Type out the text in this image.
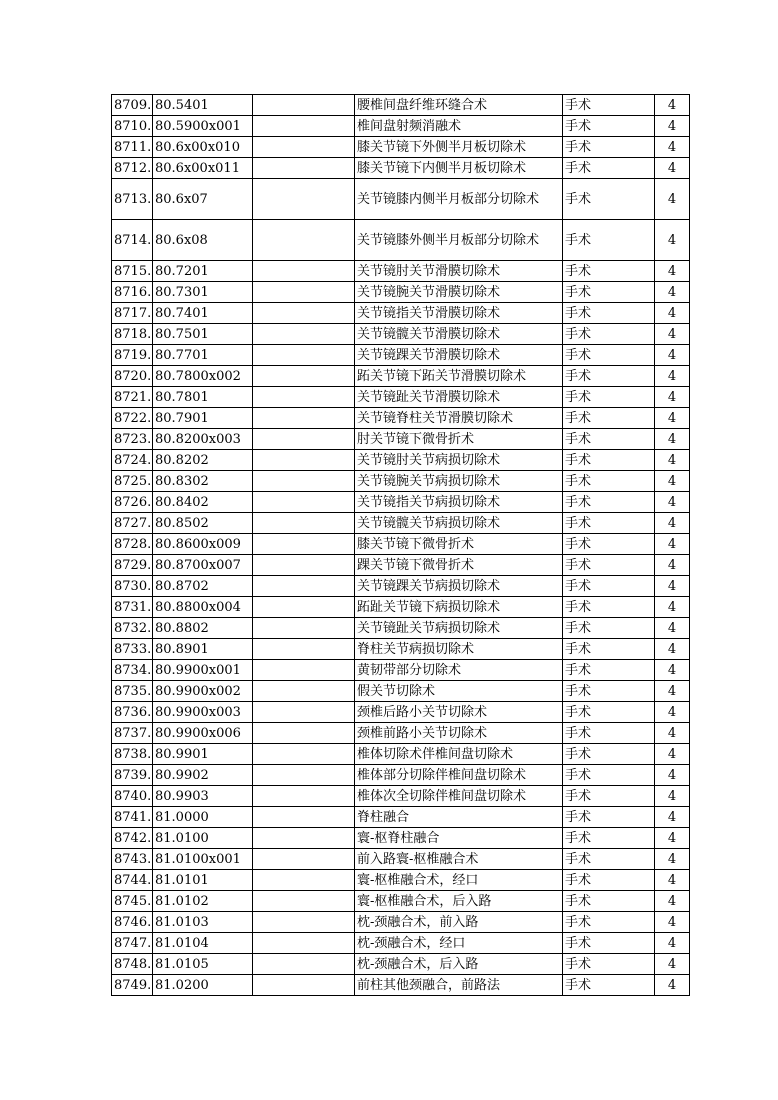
8709.	80.5401		腰椎间盘纤维环缝合术	手术	4
8710.	80.5900x001		椎间盘射频消融术	手术	4
8711.	80.6x00x010		膝关节镜下外侧半月板切除术	手术	4
8712.	80.6x00x011		膝关节镜下内侧半月板切除术	手术	4
8713.	80.6x07		关节镜膝内侧半月板部分切除术	手术	4
8714.	80.6x08		关节镜膝外侧半月板部分切除术	手术	4
8715.	80.7201		关节镜肘关节滑膜切除术	手术	4
8716.	80.7301		关节镜腕关节滑膜切除术	手术	4
8717.	80.7401		关节镜指关节滑膜切除术	手术	4
8718.	80.7501		关节镜髋关节滑膜切除术	手术	4
8719.	80.7701		关节镜踝关节滑膜切除术	手术	4
8720.	80.7800x002		跖关节镜下跖关节滑膜切除术	手术	4
8721.	80.7801		关节镜趾关节滑膜切除术	手术	4
8722.	80.7901		关节镜脊柱关节滑膜切除术	手术	4
8723.	80.8200x003		肘关节镜下微骨折术	手术	4
8724.	80.8202		关节镜肘关节病损切除术	手术	4
8725.	80.8302		关节镜腕关节病损切除术	手术	4
8726.	80.8402		关节镜指关节病损切除术	手术	4
8727.	80.8502		关节镜髋关节病损切除术	手术	4
8728.	80.8600x009		膝关节镜下微骨折术	手术	4
8729.	80.8700x007		踝关节镜下微骨折术	手术	4
8730.	80.8702		关节镜踝关节病损切除术	手术	4
8731.	80.8800x004		跖趾关节镜下病损切除术	手术	4
8732.	80.8802		关节镜趾关节病损切除术	手术	4
8733.	80.8901		脊柱关节病损切除术	手术	4
8734.	80.9900x001		黄韧带部分切除术	手术	4
8735.	80.9900x002		假关节切除术	手术	4
8736.	80.9900x003		颈椎后路小关节切除术	手术	4
8737.	80.9900x006		颈椎前路小关节切除术	手术	4
8738.	80.9901		椎体切除术伴椎间盘切除术	手术	4
8739.	80.9902		椎体部分切除伴椎间盘切除术	手术	4
8740.	80.9903		椎体次全切除伴椎间盘切除术	手术	4
8741.	81.0000		脊柱融合	手术	4
8742.	81.0100		寰-枢脊柱融合	手术	4
8743.	81.0100x001		前入路寰-枢椎融合术	手术	4
8744.	81.0101		寰-枢椎融合术，经口	手术	4
8745.	81.0102		寰-枢椎融合术，后入路	手术	4
8746.	81.0103		枕-颈融合术，前入路	手术	4
8747.	81.0104		枕-颈融合术，经口	手术	4
8748.	81.0105		枕-颈融合术，后入路	手术	4
8749.	81.0200		前柱其他颈融合，前路法	手术	4
